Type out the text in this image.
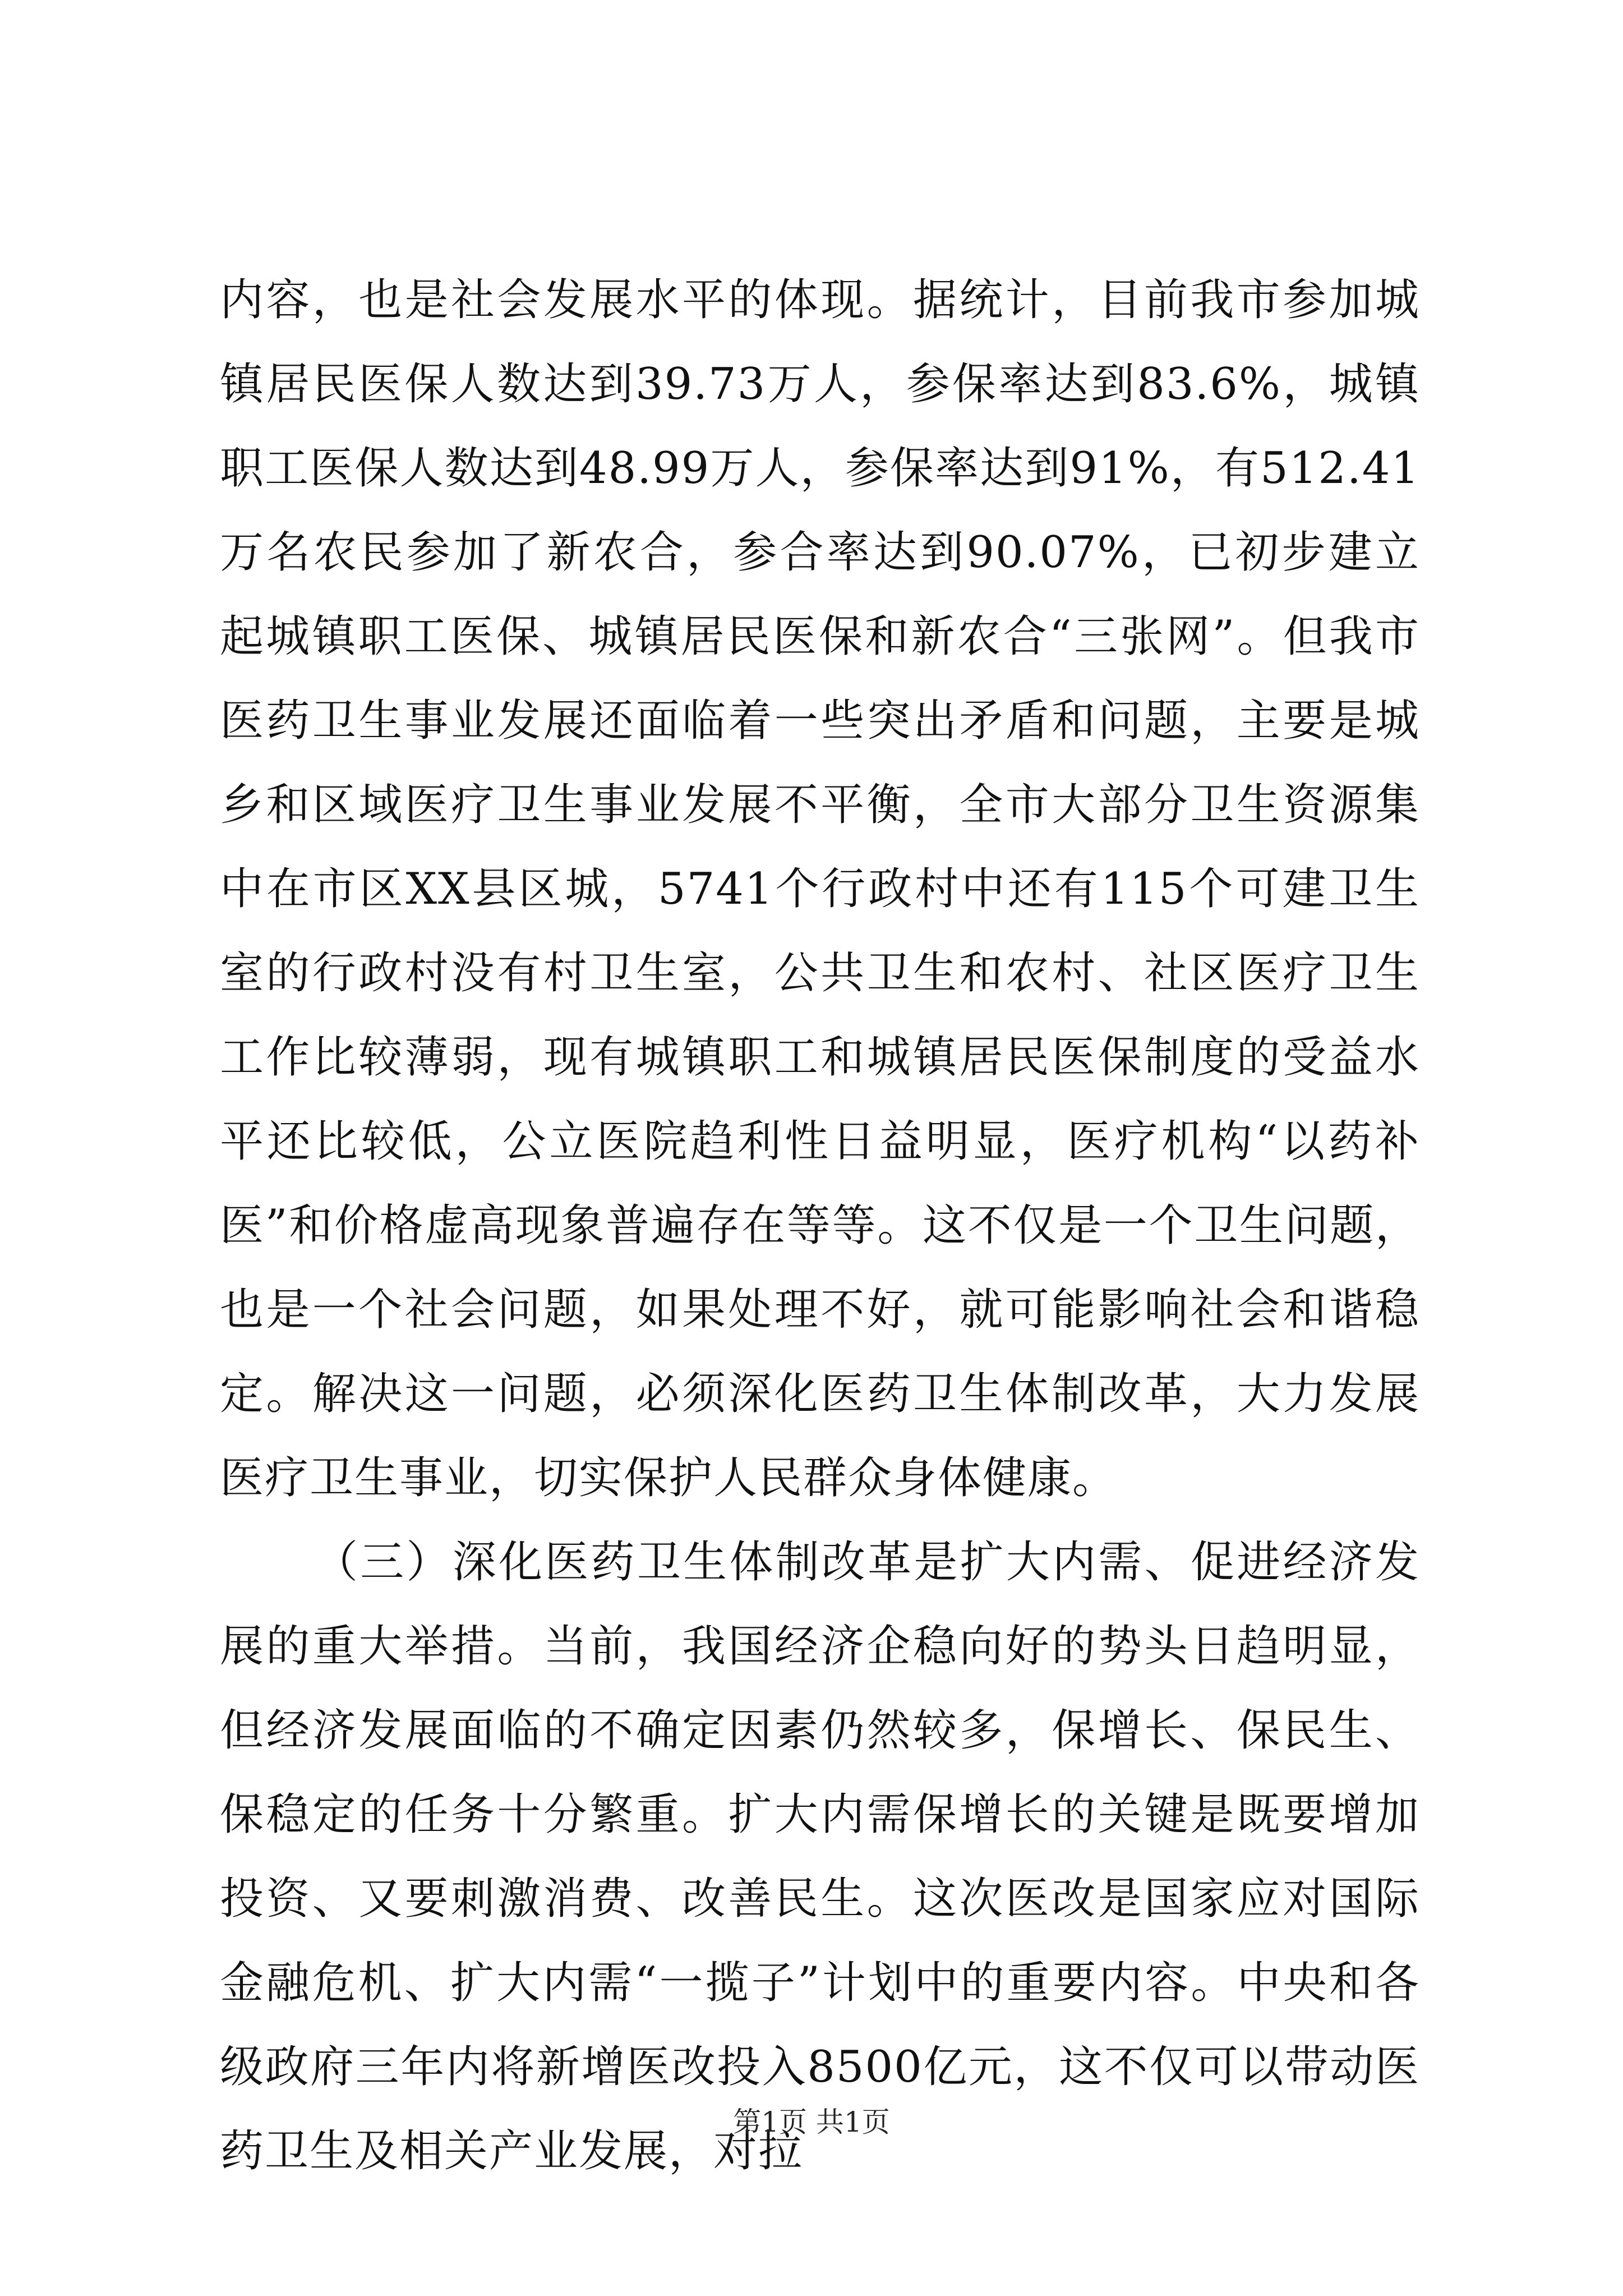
内容，也是社会发展水平的体现。据统计，目前我市参加城镇居民医保人数达到39.73万人，参保率达到83.6%，城镇职工医保人数达到48.99万人，参保率达到91%，有512.41万名农民参加了新农合，参合率达到90.07%，已初步建立起城镇职工医保、城镇居民医保和新农合“三张网”。但我市医药卫生事业发展还面临着一些突出矛盾和问题，主要是城乡和区域医疗卫生事业发展不平衡，全市大部分卫生资源集中在市区XX县区城，5741个行政村中还有115个可建卫生室的行政村没有村卫生室，公共卫生和农村、社区医疗卫生工作比较薄弱，现有城镇职工和城镇居民医保制度的受益水平还比较低，公立医院趋利性日益明显，医疗机构“以药补医”和价格虚高现象普遍存在等等。这不仅是一个卫生问题，也是一个社会问题，如果处理不好，就可能影响社会和谐稳定。解决这一问题，必须深化医药卫生体制改革，大力发展医疗卫生事业，切实保护人民群众身体健康。

（三）深化医药卫生体制改革是扩大内需、促进经济发展的重大举措。当前，我国经济企稳向好的势头日趋明显，但经济发展面临的不确定因素仍然较多，保增长、保民生、保稳定的任务十分繁重。扩大内需保增长的关键是既要增加投资、又要刺激消费、改善民生。这次医改是国家应对国际金融危机、扩大内需“一揽子”计划中的重要内容。中央和各级政府三年内将新增医改投入8500亿元，这不仅可以带动医药卫生及相关产业发展，对拉

第1页 共1页
